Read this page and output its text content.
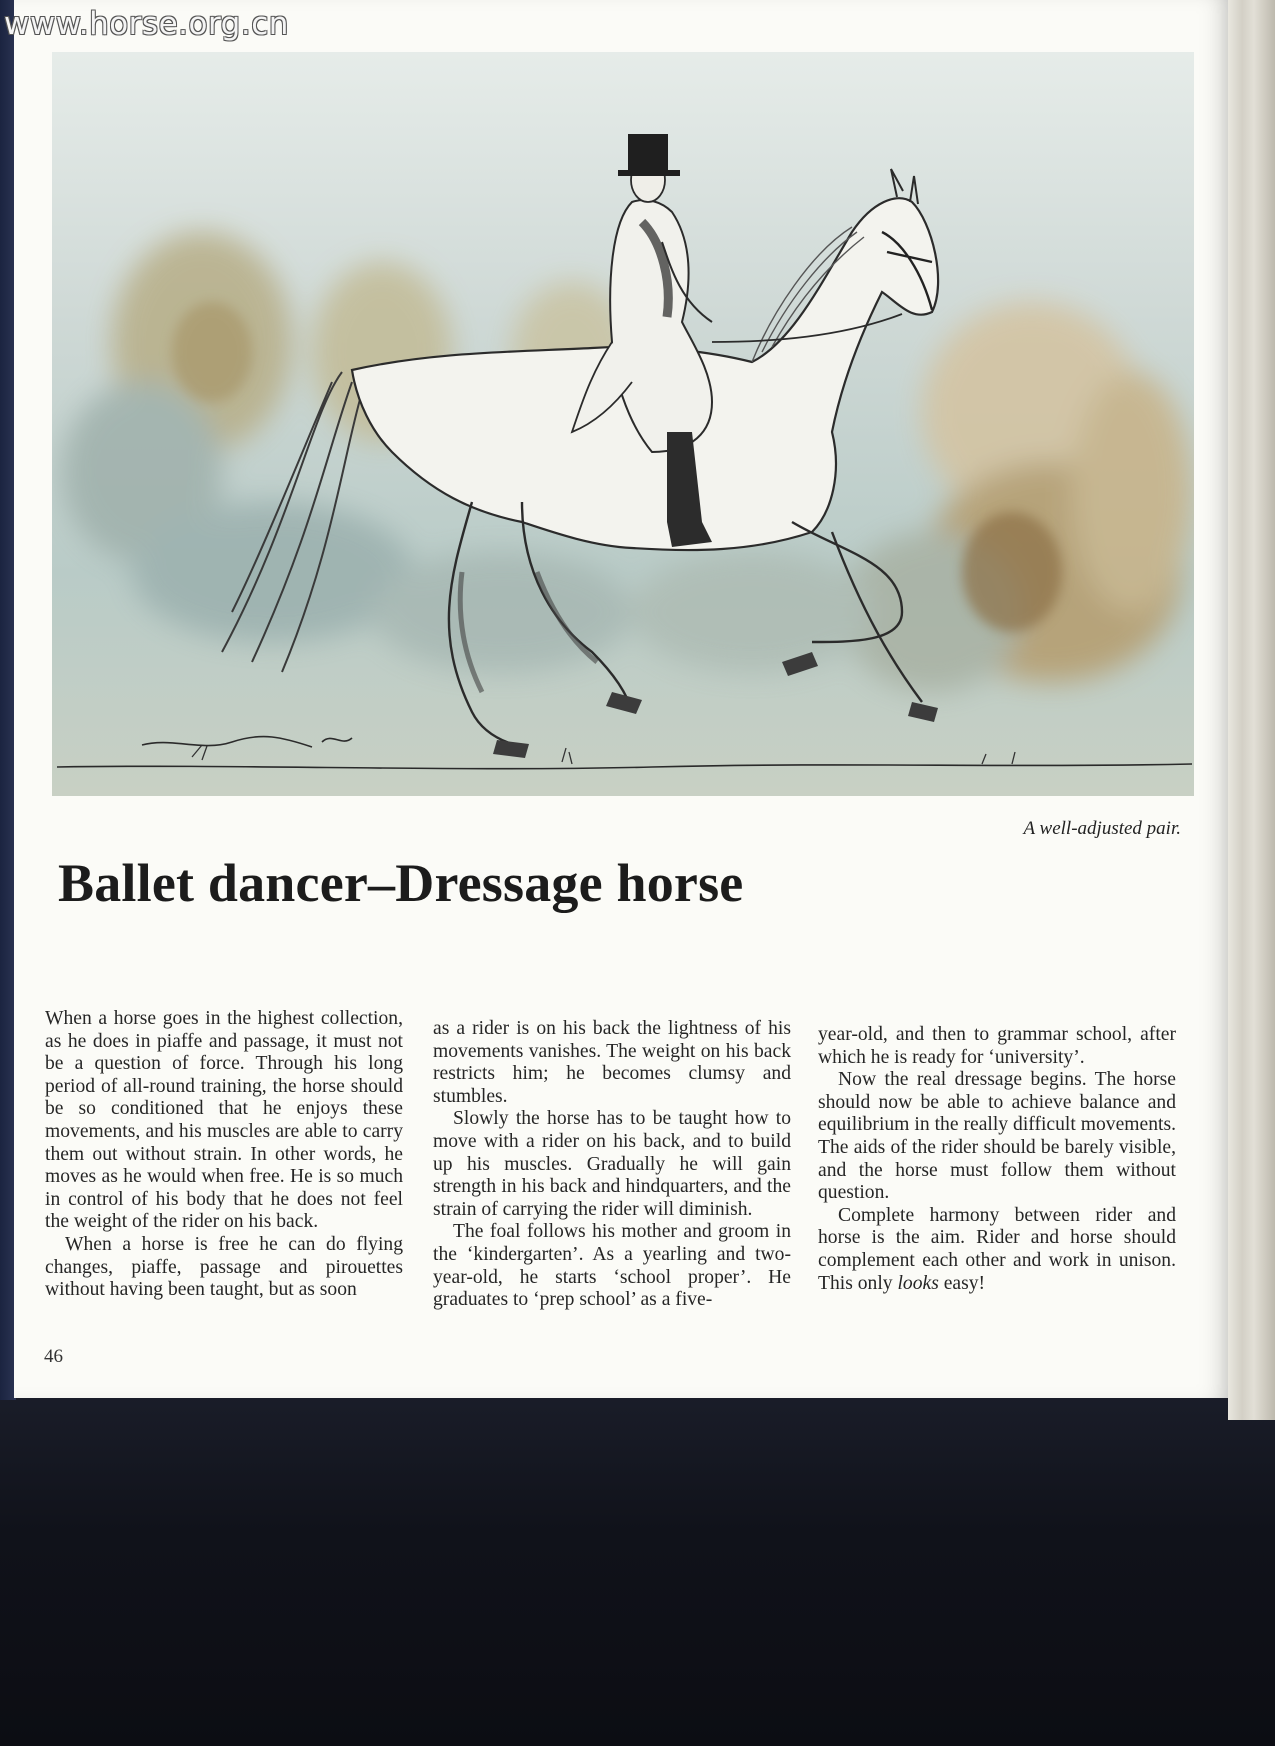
www.horse.org.cn
A well-adjusted pair.
Ballet dancer–Dressage horse

When a horse goes in the highest collection, as he does in piaffe and passage, it must not be a question of force. Through his long period of all-round training, the horse should be so conditioned that he enjoys these movements, and his muscles are able to carry them out without strain. In other words, he moves as he would when free. He is so much in control of his body that he does not feel the weight of the rider on his back.

When a horse is free he can do flying changes, piaffe, passage and pirouettes without having been taught, but as soon

as a rider is on his back the lightness of his movements vanishes. The weight on his back restricts him; he becomes clumsy and stumbles.

Slowly the horse has to be taught how to move with a rider on his back, and to build up his muscles. Gradually he will gain strength in his back and hindquarters, and the strain of carrying the rider will diminish.

The foal follows his mother and groom in the ‘kindergarten’. As a yearling and two-year-old, he starts ‘school proper’. He graduates to ‘prep school’ as a five-

year-old, and then to grammar school, after which he is ready for ‘university’.

Now the real dressage begins. The horse should now be able to achieve balance and equilibrium in the really difficult movements. The aids of the rider should be barely visible, and the horse must follow them without question.

Complete harmony between rider and horse is the aim. Rider and horse should complement each other and work in unison. This only looks easy!

46
